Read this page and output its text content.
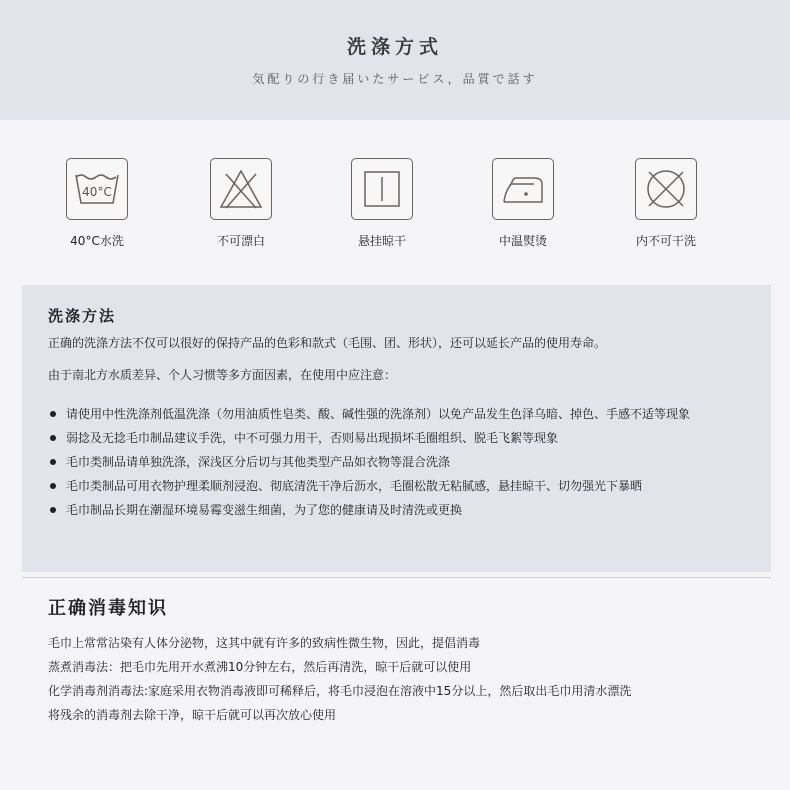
洗涤方式
気配りの行き届いたサービス，品質で話す
40°C
40°C水洗	不可漂白	悬挂晾干	中温熨烫	内不可干洗
洗涤方法
正确的洗涤方法不仅可以很好的保持产品的色彩和款式（毛围、团、形状），还可以延长产品的使用寿命。
由于南北方水质差异、个人习惯等多方面因素，在使用中应注意：
请使用中性洗涤剂低温洗涤（勿用油质性皂类、酸、碱性强的洗涤剂）以免产品发生色泽乌暗、掉色、手感不适等现象
弱捻及无捻毛巾制品建议手洗，中不可强力用干，否则易出现损坏毛圈组织、脱毛飞絮等现象
毛巾类制品请单独洗涤，深浅区分后切与其他类型产品如衣物等混合洗涤
毛巾类制品可用衣物护理柔顺剂浸泡、彻底清洗干净后沥水，毛圈松散无粘腻感，悬挂晾干、切勿强光下暴晒
毛巾制品长期在潮湿环境易霉变滋生细菌，为了您的健康请及时清洗或更换
正确消毒知识
毛巾上常常沾染有人体分泌物，这其中就有许多的致病性微生物，因此，提倡消毒
蒸煮消毒法：把毛巾先用开水煮沸10分钟左右，然后再清洗，晾干后就可以使用
化学消毒剂消毒法:家庭采用衣物消毒液即可稀释后，将毛巾浸泡在溶液中15分以上，然后取出毛巾用清水漂洗
将残余的消毒剂去除干净，晾干后就可以再次放心使用
